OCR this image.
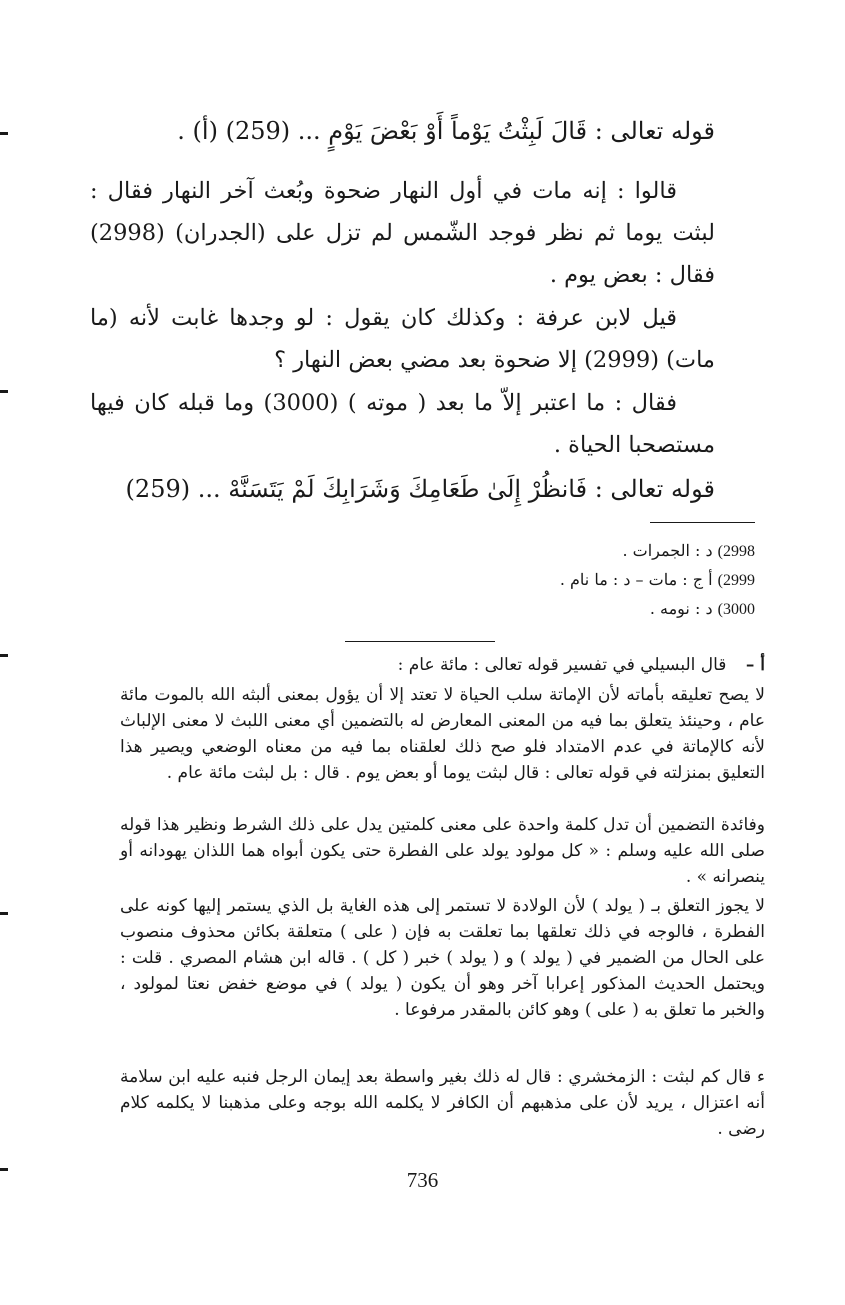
قوله تعالى : قَالَ لَبِثْتُ يَوْماً أَوْ بَعْضَ يَوْمٍ ... (259) (أ) .
قالوا : إنه مات في أول النهار ضحوة وبُعث آخر النهار فقال : لبثت يوما ثم نظر فوجد الشّمس لم تزل على (الجدران) (2998) فقال : بعض يوم .
قيل لابن عرفة : وكذلك كان يقول : لو وجدها غابت لأنه (ما مات) (2999) إلا ضحوة بعد مضي بعض النهار ؟
فقال : ما اعتبر إلاّ ما بعد ( موته ) (3000) وما قبله كان فيها مستصحبا الحياة .
قوله تعالى : فَانظُرْ إِلَىٰ طَعَامِكَ وَشَرَابِكَ لَمْ يَتَسَنَّهْ ... (259)
2998) د : الجمرات .
2999) أ ج : مات – د : ما نام .
3000) د : نومه .
أ – قال البسيلي في تفسير قوله تعالى : مائة عام :
لا يصح تعليقه بأماته لأن الإماتة سلب الحياة لا تعتد إلا أن يؤول بمعنى ألبثه الله بالموت مائة عام ، وحينئذ يتعلق بما فيه من المعنى المعارض له بالتضمين أي معنى اللبث لا معنى الإلباث لأنه كالإماتة في عدم الامتداد فلو صح ذلك لعلقناه بما فيه من معناه الوضعي ويصير هذا التعليق بمنزلته في قوله تعالى : قال لبثت يوما أو بعض يوم . قال : بل لبثت مائة عام .
وفائدة التضمين أن تدل كلمة واحدة على معنى كلمتين يدل على ذلك الشرط ونظير هذا قوله صلى الله عليه وسلم : « كل مولود يولد على الفطرة حتى يكون أبواه هما اللذان يهودانه أو ينصرانه » .
لا يجوز التعلق بـ ( يولد ) لأن الولادة لا تستمر إلى هذه الغاية بل الذي يستمر إليها كونه على الفطرة ، فالوجه في ذلك تعلقها بما تعلقت به فإن ( على ) متعلقة بكائن محذوف منصوب على الحال من الضمير في ( يولد ) و ( يولد ) خبر ( كل ) . قاله ابن هشام المصري . قلت : ويحتمل الحديث المذكور إعرابا آخر وهو أن يكون ( يولد ) في موضع خفض نعتا لمولود ، والخبر ما تعلق به ( على ) وهو كائن بالمقدر مرفوعا .
ء قال كم لبثت : الزمخشري : قال له ذلك بغير واسطة بعد إيمان الرجل فنبه عليه ابن سلامة أنه اعتزال ، يريد لأن على مذهبهم أن الكافر لا يكلمه الله بوجه وعلى مذهبنا لا يكلمه كلام رضى .
736
